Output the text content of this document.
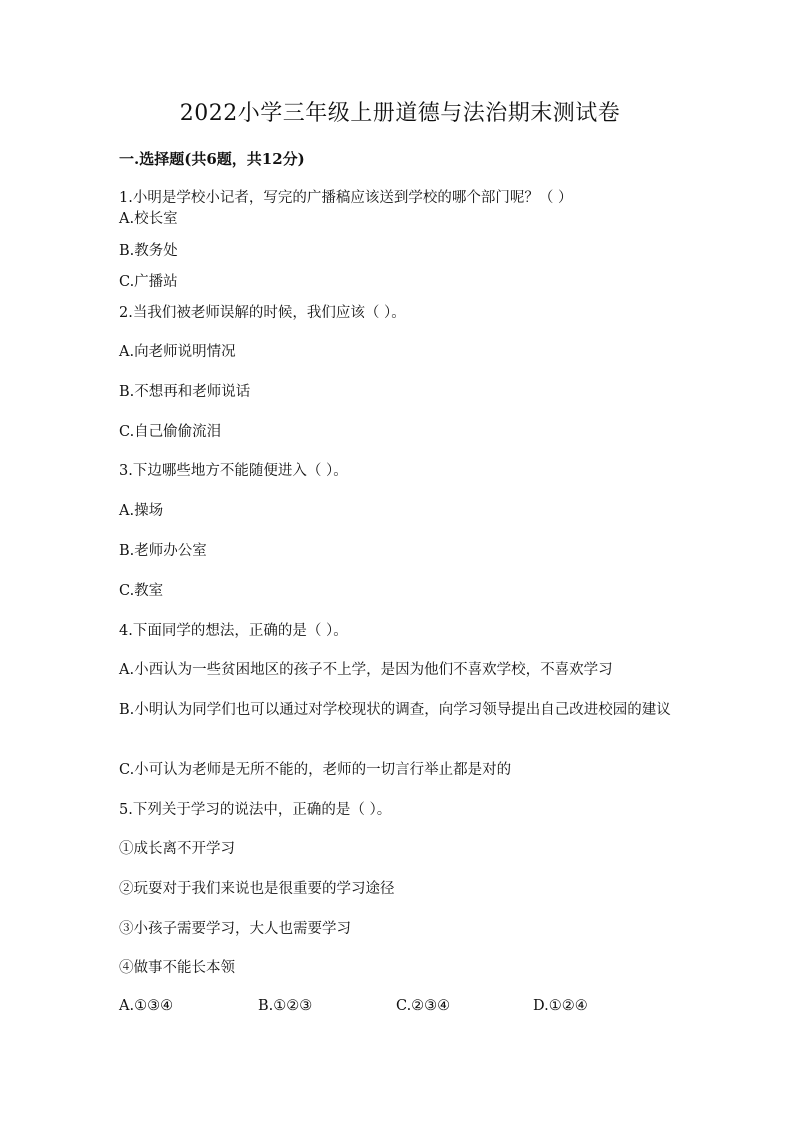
2022小学三年级上册道德与法治期末测试卷
一.选择题(共6题，共12分)
1.小明是学校小记者，写完的广播稿应该送到学校的哪个部门呢？（ ）
A.校长室
B.教务处
C.广播站
2.当我们被老师误解的时候，我们应该（ ）。
A.向老师说明情况
B.不想再和老师说话
C.自己偷偷流泪
3.下边哪些地方不能随便进入（ ）。
A.操场
B.老师办公室
C.教室
4.下面同学的想法，正确的是（ ）。
A.小西认为一些贫困地区的孩子不上学，是因为他们不喜欢学校，不喜欢学习
B.小明认为同学们也可以通过对学校现状的调查，向学习领导提出自己改进校园的建议
C.小可认为老师是无所不能的，老师的一切言行举止都是对的
5.下列关于学习的说法中，正确的是（ ）。
①成长离不开学习
②玩耍对于我们来说也是很重要的学习途径
③小孩子需要学习，大人也需要学习
④做事不能长本领
A.①③④	B.①②③	C.②③④	D.①②④
